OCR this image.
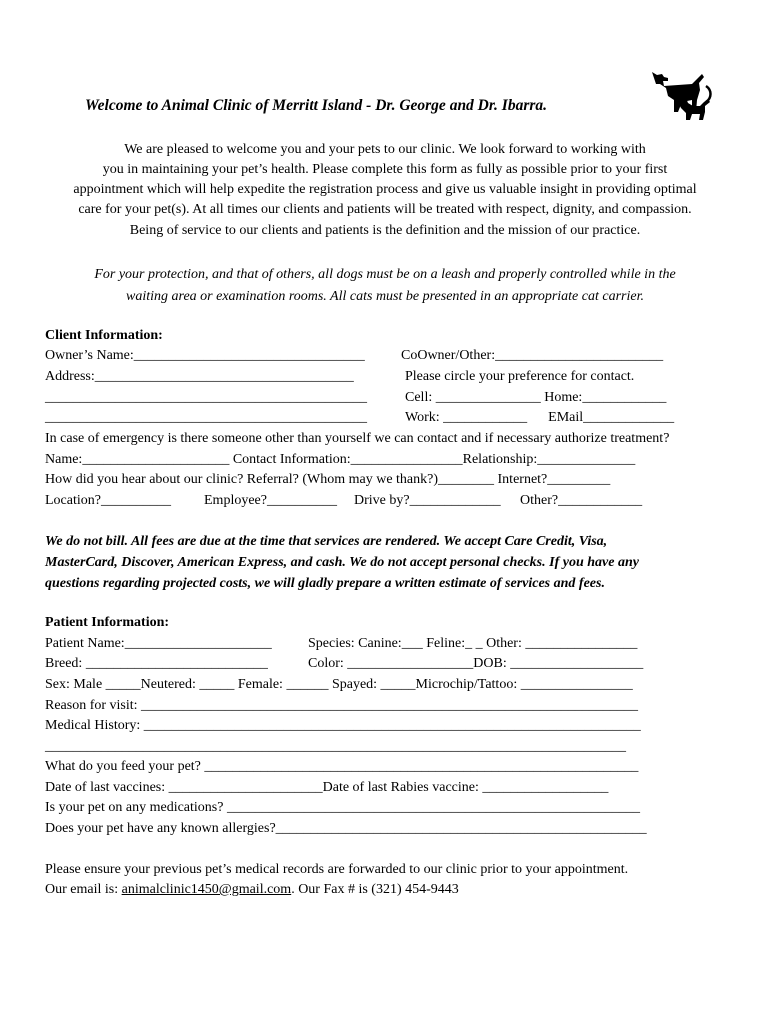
Welcome to Animal Clinic of Merritt Island - Dr. George and Dr. Ibarra.
We are pleased to welcome you and your pets to our clinic. We look forward to working with
you in maintaining your pet’s health. Please complete this form as fully as possible prior to your first
appointment which will help expedite the registration process and give us valuable insight in providing optimal
care for your pet(s). At all times our clients and patients will be treated with respect, dignity, and compassion.
Being of service to our clients and patients is the definition and the mission of our practice.
For your protection, and that of others, all dogs must be on a leash and properly controlled while in the
waiting area or examination rooms. All cats must be presented in an appropriate cat carrier.
Client Information:
Owner’s Name:_________________________________	CoOwner/Other:________________________
Address:_____________________________________	Please circle your preference for contact.
______________________________________________	Cell: _______________ Home:____________
______________________________________________	Work: ____________      EMail_____________
In case of emergency is there someone other than yourself we can contact and if necessary authorize treatment?
Name:_____________________ Contact Information:________________Relationship:______________
How did you hear about our clinic? Referral? (Whom may we thank?)________ Internet?_________
Location?__________ Employee?__________ Drive by?_____________ Other?____________
We do not bill. All fees are due at the time that services are rendered. We accept Care Credit, Visa,
MasterCard, Discover, American Express, and cash. We do not accept personal checks. If you have any
questions regarding projected costs, we will gladly prepare a written estimate of services and fees.
Patient Information:
Patient Name:_____________________	Species: Canine:___ Feline:_ _ Other: ________________
Breed: __________________________	Color: __________________DOB: ___________________
Sex: Male _____Neutered: _____ Female: ______ Spayed: _____Microchip/Tattoo: ________________
Reason for visit: _______________________________________________________________________
Medical History: _______________________________________________________________________
___________________________________________________________________________________
What do you feed your pet? ______________________________________________________________
Date of last vaccines: ______________________Date of last Rabies vaccine: __________________
Is your pet on any medications? ___________________________________________________________
Does your pet have any known allergies?_____________________________________________________
Please ensure your previous pet’s medical records are forwarded to our clinic prior to your appointment.
Our email is: animalclinic1450@gmail.com. Our Fax # is (321) 454-9443
